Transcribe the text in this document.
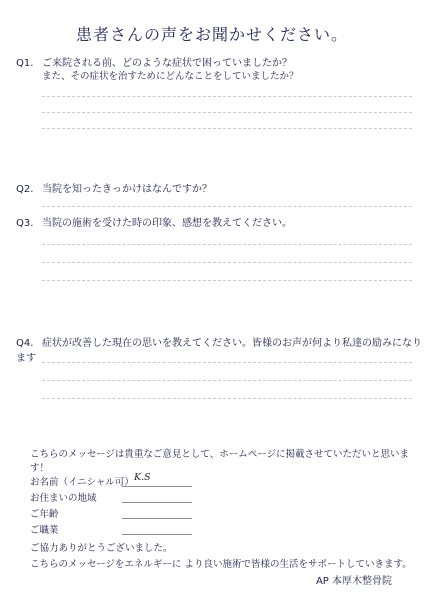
患者さんの声をお聞かせください。
Q1. ご来院される前、どのような症状で困っていましたか？
また、その症状を治すためにどんなことをしていましたか？
Q2. 当院を知ったきっかけはなんですか？
Q3. 当院の施術を受けた時の印象、感想を教えてください。
Q4. 症状が改善した現在の思いを教えてください。皆様のお声が何より私達の励みになります
こちらのメッセージは貴重なご意見として、ホームページに掲載させていただいと思います！
お名前（イニシャル可） K.S
お住まいの地域
ご年齢
ご職業
ご協力ありがとうございました。
こちらのメッセージをエネルギーに より良い施術で皆様の生活をサポートしていきます。
AP 本厚木整骨院
